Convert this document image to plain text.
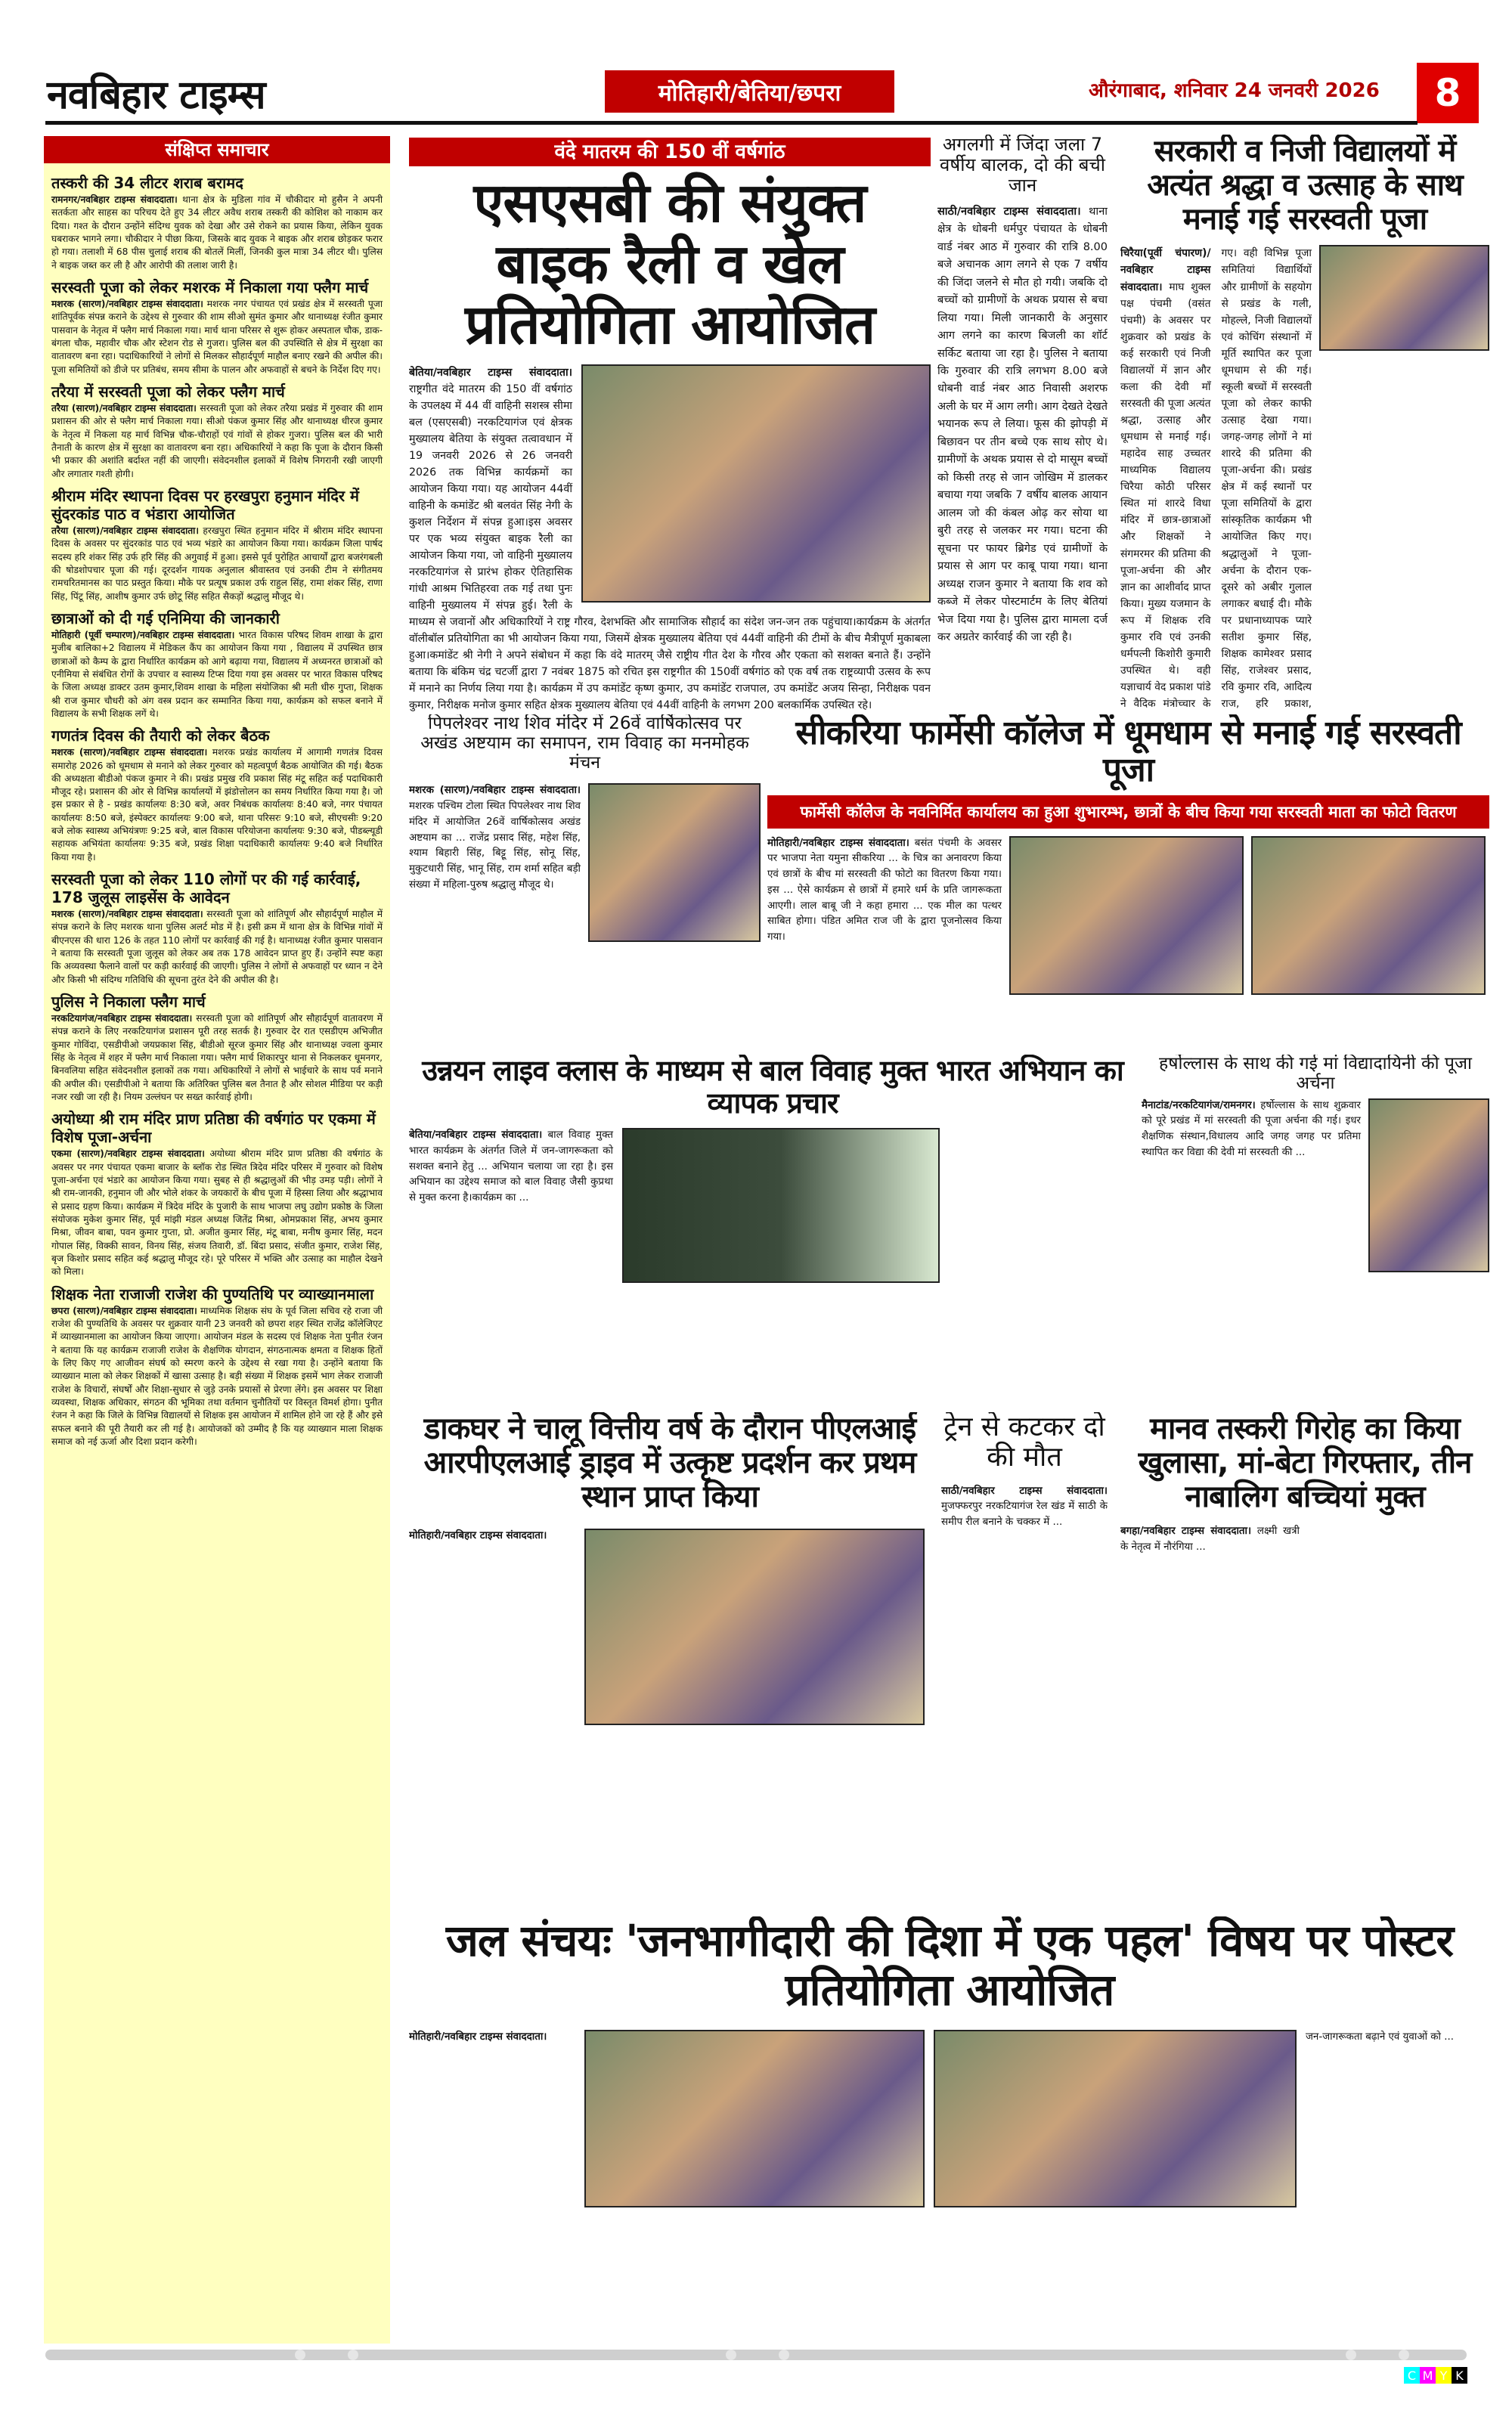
नवबिहार टाइम्स	मोतिहारी/बेतिया/छपरा	औरंगाबाद, शनिवार 24 जनवरी 2026	8
संक्षिप्त समाचार
तस्करी की 34 लीटर शराब बरामद

रामनगर/नवबिहार टाइम्स संवाददाता। थाना क्षेत्र के मुडिला गांव में चौकीदार मो हुसैन ने अपनी सतर्कता और साहस का परिचय देते हुए 34 लीटर अवैध शराब तस्करी की कोशिश को नाकाम कर दिया। गश्त के दौरान उन्होंने संदिग्ध युवक को देखा और उसे रोकने का प्रयास किया, लेकिन युवक घबराकर भागने लगा। चौकीदार ने पीछा किया, जिसके बाद युवक ने बाइक और शराब छोड़कर फरार हो गया। तलाशी में 68 पीस चुलाई शराब की बोतलें मिलीं, जिनकी कुल मात्रा 34 लीटर थी। पुलिस ने बाइक जब्त कर ली है और आरोपी की तलाश जारी है।

सरस्वती पूजा को लेकर मशरक में निकाला गया फ्लैग मार्च

मशरक (सारण)/नवबिहार टाइम्स संवाददाता। मशरक नगर पंचायत एवं प्रखंड क्षेत्र में सरस्वती पूजा शांतिपूर्वक संपन्न कराने के उद्देश्य से गुरुवार की शाम सीओ सुमंत कुमार और थानाध्यक्ष रंजीत कुमार पासवान के नेतृत्व में फ्लैग मार्च निकाला गया। मार्च थाना परिसर से शुरू होकर अस्पताल चौक, डाक-बंगला चौक, महावीर चौक और स्टेशन रोड से गुजरा। पुलिस बल की उपस्थिति से क्षेत्र में सुरक्षा का वातावरण बना रहा। पदाधिकारियों ने लोगों से मिलकर सौहार्दपूर्ण माहौल बनाए रखने की अपील की। पूजा समितियों को डीजे पर प्रतिबंध, समय सीमा के पालन और अफवाहों से बचने के निर्देश दिए गए।

तरैया में सरस्वती पूजा को लेकर फ्लैग मार्च

तरैया (सारण)/नवबिहार टाइम्स संवाददाता। सरस्वती पूजा को लेकर तरैया प्रखंड में गुरुवार की शाम प्रशासन की ओर से फ्लैग मार्च निकाला गया। सीओ पंकज कुमार सिंह और थानाध्यक्ष धीरज कुमार के नेतृत्व में निकला यह मार्च विभिन्न चौक-चौराहों एवं गांवों से होकर गुजरा। पुलिस बल की भारी तैनाती के कारण क्षेत्र में सुरक्षा का वातावरण बना रहा। अधिकारियों ने कहा कि पूजा के दौरान किसी भी प्रकार की अशांति बर्दाश्त नहीं की जाएगी। संवेदनशील इलाकों में विशेष निगरानी रखी जाएगी और लगातार गश्ती होगी।

श्रीराम मंदिर स्थापना दिवस पर हरखपुरा हनुमान मंदिर में सुंदरकांड पाठ व भंडारा आयोजित

तरैया (सारण)/नवबिहार टाइम्स संवाददाता। हरखपुरा स्थित हनुमान मंदिर में श्रीराम मंदिर स्थापना दिवस के अवसर पर सुंदरकांड पाठ एवं भव्य भंडारे का आयोजन किया गया। कार्यक्रम जिला पार्षद सदस्य हरि शंकर सिंह उर्फ हरि सिंह की अगुवाई में हुआ। इससे पूर्व पुरोहित आचार्यों द्वारा बजरंगबली की षोडशोपचार पूजा की गई। दूरदर्शन गायक अनुलाल श्रीवास्तव एवं उनकी टीम ने संगीतमय रामचरितमानस का पाठ प्रस्तुत किया। मौके पर प्रत्यूष प्रकाश उर्फ राहुल सिंह, रामा शंकर सिंह, राणा सिंह, पिंटू सिंह, आशीष कुमार उर्फ छोटू सिंह सहित सैकड़ों श्रद्धालु मौजूद थे।

छात्राओं को दी गई एनिमिया की जानकारी

मोतिहारी (पूर्वी चम्पारण)/नवबिहार टाइम्स संवाददाता। भारत विकास परिषद शिवम शाखा के द्वारा मुजीब बालिका+2 विद्यालय में मेडिकल कैंप का आयोजन किया गया , विद्यालय में उपस्थित छात्र छात्राओं को कैम्प के द्वारा निर्धारित कार्यक्रम को आगे बढ़ाया गया, विद्यालय में अध्यनरत छात्राओं को एनीमिया से संबंधित रोगों के उपचार व स्वास्थ्य टिप्स दिया गया इस अवसर पर भारत विकास परिषद के जिला अध्यक्ष डाक्टर उतम कुमार,शिवम शाखा के महिला संयोजिका श्री मती धीरु गुप्ता, शिक्षक श्री राज कुमार चौधरी को अंग वस्त्र प्रदान कर सम्मानित किया गया, कार्यक्रम को सफल बनाने में विद्यालय के सभी शिक्षक लगें थे।

गणतंत्र दिवस की तैयारी को लेकर बैठक

मशरक (सारण)/नवबिहार टाइम्स संवाददाता। मशरक प्रखंड कार्यालय में आगामी गणतंत्र दिवस समारोह 2026 को धूमधाम से मनाने को लेकर गुरुवार को महत्वपूर्ण बैठक आयोजित की गई। बैठक की अध्यक्षता बीडीओ पंकज कुमार ने की। प्रखंड प्रमुख रवि प्रकाश सिंह मंटू सहित कई पदाधिकारी मौजूद रहे। प्रशासन की ओर से विभिन्न कार्यालयों में झंडोत्तोलन का समय निर्धारित किया गया है। जो इस प्रकार से है - प्रखंड कार्यालयः 8:30 बजे, अवर निबंधक कार्यालयः 8:40 बजे, नगर पंचायत कार्यालयः 8:50 बजे, इंस्पेक्टर कार्यालयः 9:00 बजे, थाना परिसरः 9:10 बजे, सीएचसीः 9:20 बजे लोक स्वास्थ्य अभियंत्रणः 9:25 बजे, बाल विकास परियोजना कार्यालयः 9:30 बजे, पीडब्ल्यूडी सहायक अभियंता कार्यालयः 9:35 बजे, प्रखंड शिक्षा पदाधिकारी कार्यालयः 9:40 बजे निर्धारित किया गया है।

सरस्वती पूजा को लेकर 110 लोगों पर की गई कार्रवाई, 178 जुलूस लाइसेंस के आवेदन

मशरक (सारण)/नवबिहार टाइम्स संवाददाता। सरस्वती पूजा को शांतिपूर्ण और सौहार्दपूर्ण माहौल में संपन्न कराने के लिए मशरक थाना पुलिस अलर्ट मोड में है। इसी क्रम में थाना क्षेत्र के विभिन्न गांवों में बीएनएस की धारा 126 के तहत 110 लोगों पर कार्रवाई की गई है। थानाध्यक्ष रंजीत कुमार पासवान ने बताया कि सरस्वती पूजा जुलूस को लेकर अब तक 178 आवेदन प्राप्त हुए हैं। उन्होंने स्पष्ट कहा कि अव्यवस्था फैलाने वालों पर कड़ी कार्रवाई की जाएगी। पुलिस ने लोगों से अफवाहों पर ध्यान न देने और किसी भी संदिग्ध गतिविधि की सूचना तुरंत देने की अपील की है।

पुलिस ने निकाला फ्लैग मार्च

नरकटियागंज/नवबिहार टाइम्स संवाददाता। सरस्वती पूजा को शांतिपूर्ण और सौहार्दपूर्ण वातावरण में संपन्न कराने के लिए नरकटियागंज प्रशासन पूरी तरह सतर्क है। गुरुवार देर रात एसडीएम अभिजीत कुमार गोविंदा, एसडीपीओ जयप्रकाश सिंह, बीडीओ सूरज कुमार सिंह और थानाध्यक्ष ज्वला कुमार सिंह के नेतृत्व में शहर में फ्लैग मार्च निकाला गया। फ्लैग मार्च शिकारपुर थाना से निकलकर धूमनगर, बिनवलिया सहित संवेदनशील इलाकों तक गया। अधिकारियों ने लोगों से भाईचारे के साथ पर्व मनाने की अपील की। एसडीपीओ ने बताया कि अतिरिक्त पुलिस बल तैनात है और सोशल मीडिया पर कड़ी नजर रखी जा रही है। नियम उल्लंघन पर सख्त कार्रवाई होगी।

अयोध्या श्री राम मंदिर प्राण प्रतिष्ठा की वर्षगांठ पर एकमा में विशेष पूजा-अर्चना

एकमा (सारण)/नवबिहार टाइम्स संवाददाता। अयोध्या श्रीराम मंदिर प्राण प्रतिष्ठा की वर्षगांठ के अवसर पर नगर पंचायत एकमा बाजार के ब्लॉक रोड स्थित त्रिदेव मंदिर परिसर में गुरुवार को विशेष पूजा-अर्चना एवं भंडारे का आयोजन किया गया। सुबह से ही श्रद्धालुओं की भीड़ उमड़ पड़ी। लोगों ने श्री राम-जानकी, हनुमान जी और भोले शंकर के जयकारों के बीच पूजा में हिस्सा लिया और श्रद्धाभाव से प्रसाद ग्रहण किया। कार्यक्रम में त्रिदेव मंदिर के पुजारी के साथ भाजपा लघु उद्योग प्रकोष्ठ के जिला संयोजक मुकेश कुमार सिंह, पूर्व मांझी मंडल अध्यक्ष जितेंद्र मिश्रा, ओमप्रकाश सिंह, अभय कुमार मिश्रा, जीवन बाबा, पवन कुमार गुप्ता, प्रो. अजीत कुमार सिंह, मंटू बाबा, मनीष कुमार सिंह, मदन गोपाल सिंह, विक्की सावन, विनय सिंह, संजय तिवारी, डॉ. बिंदा प्रसाद, संजीत कुमार, राजेश सिंह, बृज किशोर प्रसाद सहित कई श्रद्धालु मौजूद रहे। पूरे परिसर में भक्ति और उत्साह का माहौल देखने को मिला।

शिक्षक नेता राजाजी राजेश की पुण्यतिथि पर व्याख्यानमाला

छपरा (सारण)/नवबिहार टाइम्स संवाददाता। माध्यमिक शिक्षक संघ के पूर्व जिला सचिव रहे राजा जी राजेश की पुण्यतिथि के अवसर पर शुक्रवार यानी 23 जनवरी को छपरा शहर स्थित राजेंद्र कॉलेजिएट में व्याख्यानमाला का आयोजन किया जाएगा। आयोजन मंडल के सदस्य एवं शिक्षक नेता पुनीत रंजन ने बताया कि यह कार्यक्रम राजाजी राजेश के शैक्षणिक योगदान, संगठनात्मक क्षमता व शिक्षक हितों के लिए किए गए आजीवन संघर्ष को स्मरण करने के उद्देश्य से रखा गया है। उन्होंने बताया कि व्याख्यान माला को लेकर शिक्षकों में खासा उत्साह है। बड़ी संख्या में शिक्षक इसमें भाग लेकर राजाजी राजेश के विचारों, संघर्षों और शिक्षा-सुधार से जुड़े उनके प्रयासों से प्रेरणा लेंगे। इस अवसर पर शिक्षा व्यवस्था, शिक्षक अधिकार, संगठन की भूमिका तथा वर्तमान चुनौतियों पर विस्तृत विमर्श होगा। पुनीत रंजन ने कहा कि जिले के विभिन्न विद्यालयों से शिक्षक इस आयोजन में शामिल होने जा रहे हैं और इसे सफल बनाने की पूरी तैयारी कर ली गई है। आयोजकों को उम्मीद है कि यह व्याख्यान माला शिक्षक समाज को नई ऊर्जा और दिशा प्रदान करेगी।

वंदे मातरम की 150 वीं वर्षगांठ
एसएसबी की संयुक्त बाइक रैली व खेल प्रतियोगिता आयोजित
बेतिया/नवबिहार टाइम्स संवाददाता। राष्ट्रगीत वंदे मातरम की 150 वीं वर्षगांठ के उपलक्ष्य में 44 वीं वाहिनी सशस्त्र सीमा बल (एसएसबी) नरकटियागंज एवं क्षेत्रक मुख्यालय बेतिया के संयुक्त तत्वावधान में 19 जनवरी 2026 से 26 जनवरी 2026 तक विभिन्न कार्यक्रमों का आयोजन किया गया। यह आयोजन 44वीं वाहिनी के कमांडेंट श्री बलवंत सिंह नेगी के कुशल निर्देशन में संपन्न हुआ।इस अवसर पर एक भव्य संयुक्त बाइक रैली का आयोजन किया गया, जो वाहिनी मुख्यालय नरकटियागंज से प्रारंभ होकर ऐतिहासिक गांधी आश्रम भितिहरवा तक गई तथा पुनः वाहिनी मुख्यालय में संपन्न हुई। रैली के माध्यम से जवानों और अधिकारियों ने राष्ट्र गौरव, देशभक्ति और सामाजिक सौहार्द का संदेश जन-जन तक पहुंचाया।कार्यक्रम के अंतर्गत वॉलीबॉल प्रतियोगिता का भी आयोजन किया गया, जिसमें क्षेत्रक मुख्यालय बेतिया एवं 44वीं वाहिनी की टीमों के बीच मैत्रीपूर्ण मुकाबला हुआ।कमांडेंट श्री नेगी ने अपने संबोधन में कहा कि वंदे मातरम् जैसे राष्ट्रीय गीत देश के गौरव और एकता को सशक्त बनाते हैं। उन्होंने बताया कि बंकिम चंद्र चटर्जी द्वारा 7 नवंबर 1875 को रचित इस राष्ट्रगीत की 150वीं वर्षगांठ को एक वर्ष तक राष्ट्रव्यापी उत्सव के रूप में मनाने का निर्णय लिया गया है। कार्यक्रम में उप कमांडेंट कृष्ण कुमार, उप कमांडेंट राजपाल, उप कमांडेंट अजय सिन्हा, निरीक्षक पवन कुमार, निरीक्षक मनोज कुमार सहित क्षेत्रक मुख्यालय बेतिया एवं 44वीं वाहिनी के लगभग 200 बलकार्मिक उपस्थित रहे।
अगलगी में जिंदा जला 7 वर्षीय बालक, दो की बची जान
साठी/नवबिहार टाइम्स संवाददाता। थाना क्षेत्र के धोबनी धर्मपुर पंचायत के धोबनी वार्ड नंबर आठ में गुरुवार की रात्रि 8.00 बजे अचानक आग लगने से एक 7 वर्षीय की जिंदा जलने से मौत हो गयी। जबकि दो बच्चों को ग्रामीणों के अथक प्रयास से बचा लिया गया। मिली जानकारी के अनुसार आग लगने का कारण बिजली का शॉर्ट सर्किट बताया जा रहा है। पुलिस ने बताया कि गुरुवार की रात्रि लगभग 8.00 बजे धोबनी वार्ड नंबर आठ निवासी अशरफ अली के घर में आग लगी। आग देखते देखते भयानक रूप ले लिया। फूस की झोपड़ी में बिछावन पर तीन बच्चे एक साथ सोए थे। ग्रामीणों के अथक प्रयास से दो मासूम बच्चों को किसी तरह से जान जोखिम में डालकर बचाया गया जबकि 7 वर्षीय बालक आयान आलम जो की कंबल ओढ़ कर सोया था बुरी तरह से जलकर मर गया। घटना की सूचना पर फायर ब्रिगेड एवं ग्रामीणों के प्रयास से आग पर काबू पाया गया। थाना अध्यक्ष राजन कुमार ने बताया कि शव को कब्जे में लेकर पोस्टमार्टम के लिए बेतियां भेज दिया गया है। पुलिस द्वारा मामला दर्ज कर अग्रतेर कार्रवाई की जा रही है।
सरकारी व निजी विद्यालयों में अत्यंत श्रद्धा व उत्साह के साथ मनाई गई सरस्वती पूजा
चिरैया(पूर्वी चंपारण)/नवबिहार टाइम्स संवाददाता। माघ शुक्ल पक्ष पंचमी (वसंत पंचमी) के अवसर पर शुक्रवार को प्रखंड के कई सरकारी एवं निजी विद्यालयों में ज्ञान और कला की देवी माँ सरस्वती की पूजा अत्यंत श्रद्धा, उत्साह और धूमधाम से मनाई गई। महादेव साह उच्चतर माध्यमिक विद्यालय चिरैया कोठी परिसर स्थित मां शारदे विधा मंदिर में छात्र-छात्राओं और शिक्षकों ने संगमरमर की प्रतिमा की पूजा-अर्चना की और ज्ञान का आशीर्वाद प्राप्त किया। मुख्य यजमान के रूप में शिक्षक रवि कुमार रवि एवं उनकी धर्मपत्नी किशोरी कुमारी उपस्थित थे। वही यज्ञाचार्य वेद प्रकाश पांडे ने वैदिक मंत्रोच्चार के गए। वही विभिन्न पूजा समितियां विद्यार्थियों और ग्रामीणों के सहयोग से प्रखंड के गली, मोहल्ले, निजी विद्यालयों एवं कोचिंग संस्थानों में मूर्ति स्थापित कर पूजा धूमधाम से की गई। स्कूली बच्चों में सरस्वती पूजा को लेकर काफी उत्साह देखा गया। जगह-जगह लोगों ने मां शारदे की प्रतिमा की पूजा-अर्चना की। प्रखंड क्षेत्र में कई स्थानों पर पूजा समितियों के द्वारा सांस्कृतिक कार्यक्रम भी आयोजित किए गए। श्रद्धालुओं ने पूजा- अर्चना के दौरान एक-दूसरे को अबीर गुलाल लगाकर बधाई दी। मौके पर प्रधानाध्यापक प्यारे सतीश कुमार सिंह, शिक्षक कामेश्वर प्रसाद सिंह, राजेश्वर प्रसाद, रवि कुमार रवि, आदित्य राज, हरि प्रकाश,
पिपलेश्वर नाथ शिव मंदिर में 26वें वार्षिकोत्सव पर अखंड अष्टयाम का समापन, राम विवाह का मनमोहक मंचन
मशरक (सारण)/नवबिहार टाइम्स संवाददाता। मशरक पश्चिम टोला स्थित पिपलेश्वर नाथ शिव मंदिर में आयोजित 26वें वार्षिकोत्सव अखंड अष्टयाम का ... राजेंद्र प्रसाद सिंह, महेश सिंह, श्याम बिहारी सिंह, बिट्टू सिंह, सोनू सिंह, मुकुटधारी सिंह, भानू सिंह, राम शर्मा सहित बड़ी संख्या में महिला-पुरुष श्रद्धालु मौजूद थे।
सीकरिया फार्मेसी कॉलेज में धूमधाम से मनाई गई सरस्वती पूजा
फार्मेसी कॉलेज के नवनिर्मित कार्यालय का हुआ शुभारम्भ, छात्रों के बीच किया गया सरस्वती माता का फोटो वितरण
मोतिहारी/नवबिहार टाइम्स संवाददाता। बसंत पंचमी के अवसर पर भाजपा नेता यमुना सीकरिया ... के चित्र का अनावरण किया एवं छात्रों के बीच मां सरस्वती की फोटो का वितरण किया गया। इस ... ऐसे कार्यक्रम से छात्रों में हमारे धर्म के प्रति जागरूकता आएगी। लाल बाबू जी ने कहा हमारा ... एक मील का पत्थर साबित होगा। पंडित अमित राज जी के द्वारा पूजनोत्सव किया गया।
उन्नयन लाइव क्लास के माध्यम से बाल विवाह मुक्त भारत अभियान का व्यापक प्रचार
बेतिया/नवबिहार टाइम्स संवाददाता। बाल विवाह मुक्त भारत कार्यक्रम के अंतर्गत जिले में जन-जागरूकता को सशक्त बनाने हेतु ... अभियान चलाया जा रहा है। इस अभियान का उद्देश्य समाज को बाल विवाह जैसी कुप्रथा से मुक्त करना है।कार्यक्रम का ...
हर्षोल्लास के साथ की गई मां विद्यादायिनी की पूजा अर्चना
मैनाटांड/नरकटियागंज/रामनगर। हर्षोल्लास के साथ शुक्रवार को पूरे प्रखंड में मां सरस्वती की पूजा अर्चना की गई। इधर शैक्षणिक संस्थान,विधालय आदि जगह जगह पर प्रतिमा स्थापित कर विद्या की देवी मां सरस्वती की ...
डाकघर ने चालू वित्तीय वर्ष के दौरान पीएलआई आरपीएलआई ड्राइव में उत्कृष्ट प्रदर्शन कर प्रथम स्थान प्राप्त किया
मोतिहारी/नवबिहार टाइम्स संवाददाता।
ट्रेन से कटकर दो की मौत
साठी/नवबिहार टाइम्स संवाददाता। मुजफ्फरपुर नरकटियागंज रेल खंड में साठी के समीप रील बनाने के चक्कर में ...
मानव तस्करी गिरोह का किया खुलासा, मां-बेटा गिरफ्तार, तीन नाबालिग बच्चियां मुक्त
बगहा/नवबिहार टाइम्स संवाददाता। लक्ष्मी खत्री के नेतृत्व में नौरंगिया ...
जल संचयः 'जनभागीदारी की दिशा में एक पहल' विषय पर पोस्टर प्रतियोगिता आयोजित
मोतिहारी/नवबिहार टाइम्स संवाददाता।	जन-जागरूकता बढ़ाने एवं युवाओं को ...
C M Y K
